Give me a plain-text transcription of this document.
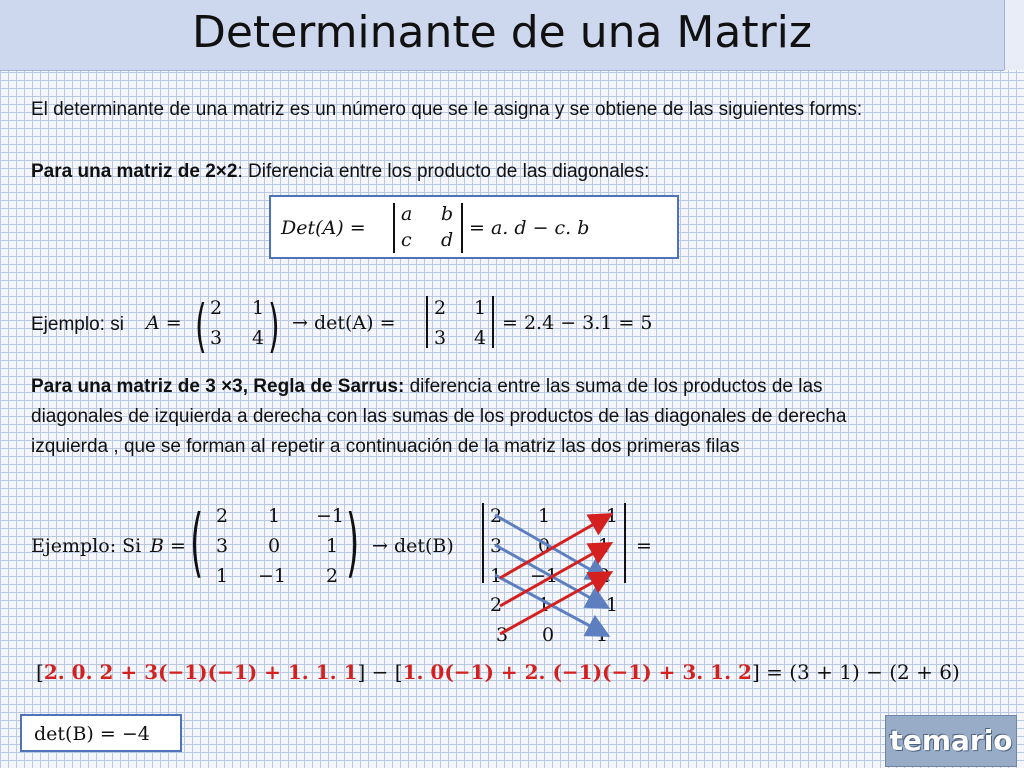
Determinante de una Matriz
El determinante de una matriz es un número que se le asigna y se obtiene de las siguientes forms:
Para una matriz de 2×2: Diferencia entre los producto de las diagonales:
Det(A) =
a b
c d
= a. d − c. b
Ejemplo: si A = ( 2 1
3 4 ) → det(A) =
2 1
3 4
= 2.4 − 3.1 = 5
Para una matriz de 3 ×3, Regla de Sarrus: diferencia entre las suma de los productos de las
diagonales de izquierda a derecha con las sumas de los productos de las diagonales de derecha
izquierda , que se forman al repetir a continuación de la matriz las dos primeras filas
Ejemplo: Si B = ( 2 1 −1
3 0 1
1 −1 2 ) → det(B)
2 1 −1
3 0	1
1 −1 2
=
2 1 −1
3 0 1
[2. 0. 2 + 3(−1)(−1) + 1. 1. 1] − [1. 0(−1) + 2. (−1)(−1) + 3. 1. 2] = (3 + 1) − (2 + 6)
det(B) = −4	temario
